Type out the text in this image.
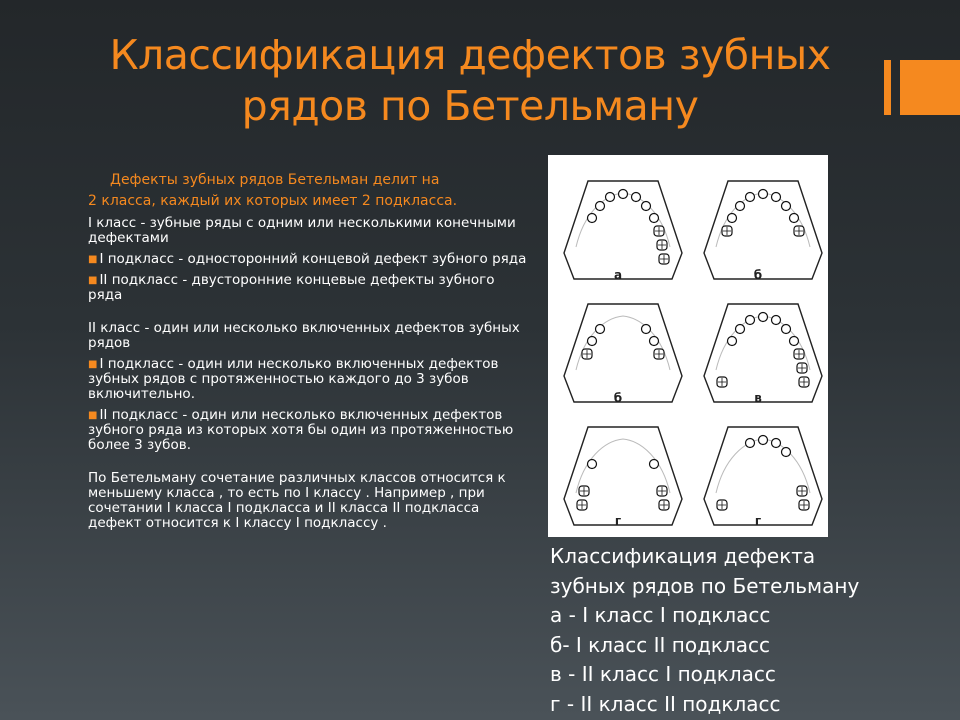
Классификация дефектов зубных
рядов по Бетельману
Дефекты зубных рядов Бетельман делит на
2 класса, каждый их которых имеет 2 подкласса.
I класс - зубные ряды с одним или несколькими конечными дефектами
■ I подкласс - односторонний концевой дефект зубного ряда
■ II подкласс - двусторонние концевые дефекты зубного ряда
II класс - один или несколько включенных дефектов зубных рядов
■ I подкласс - один или несколько включенных дефектов зубных рядов с протяженностью каждого до 3 зубов включительно.
■ II подкласс - один или несколько включенных дефектов зубного ряда из которых хотя бы один из протяженностью более 3 зубов.
По Бетельману сочетание различных классов относится к меньшему класса , то есть по I классу . Например , при сочетании I класса I подкласса и II класса II подкласса дефект относится к I классу I подклассу .
а	б
б	в
г	г
Классификация дефекта
зубных рядов по Бетельману
а - I класс I подкласс
б- I класс II подкласс
в - II класс I подкласс
г - II класс II подкласс
